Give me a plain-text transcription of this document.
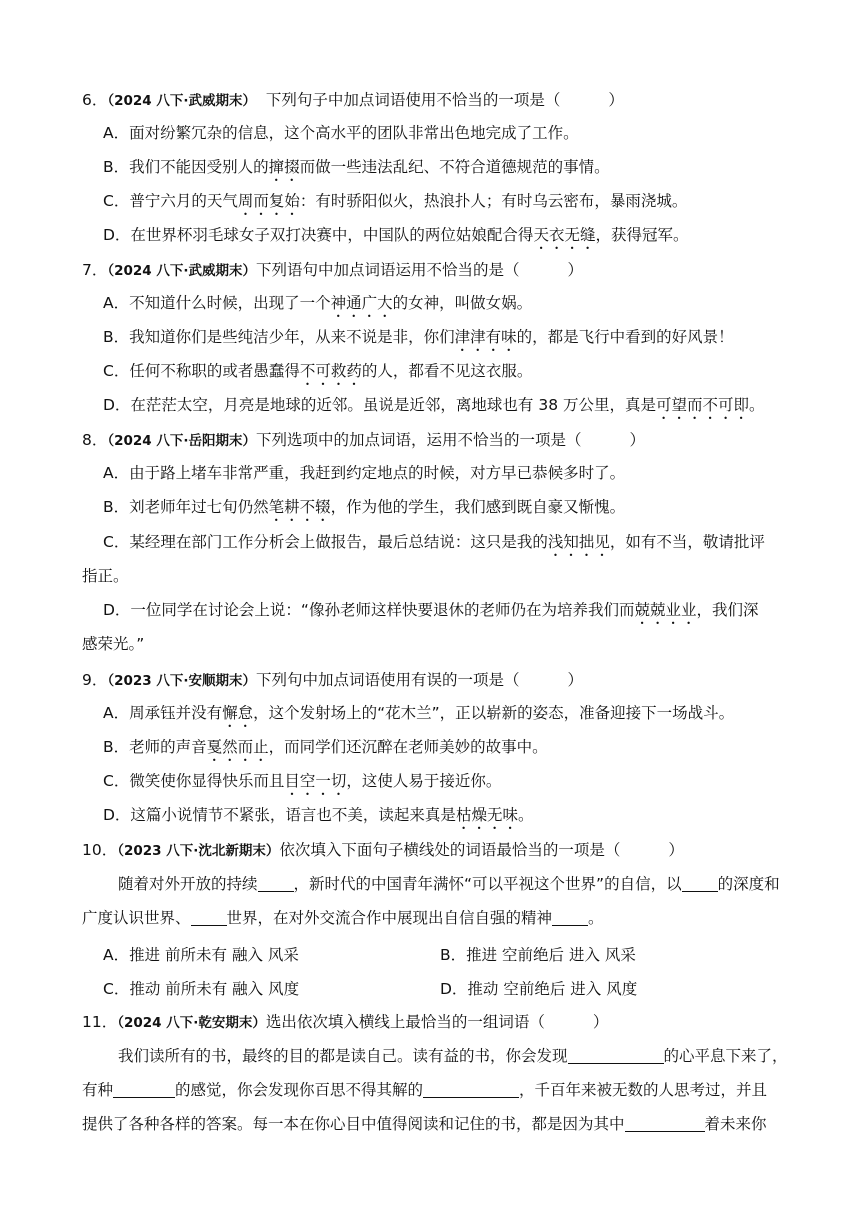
6．（2024 八下·武威期末） 下列句子中加点词语使用不恰当的一项是（	）
A．面对纷繁冗杂的信息，这个高水平的团队非常出色地完成了工作。
B．我们不能因受别人的撺掇而做一些违法乱纪、不符合道德规范的事情。
C．普宁六月的天气周而复始：有时骄阳似火，热浪扑人；有时乌云密布，暴雨浇城。
D．在世界杯羽毛球女子双打决赛中，中国队的两位姑娘配合得天衣无缝，获得冠军。
7．（2024 八下·武威期末）下列语句中加点词语运用不恰当的是（	）
A．不知道什么时候，出现了一个神通广大的女神，叫做女娲。
B．我知道你们是些纯洁少年，从来不说是非，你们津津有味的，都是飞行中看到的好风景！
C．任何不称职的或者愚蠢得不可救药的人，都看不见这衣服。
D．在茫茫太空，月亮是地球的近邻。虽说是近邻，离地球也有 38 万公里，真是可望而不可即。
8．（2024 八下·岳阳期末）下列选项中的加点词语，运用不恰当的一项是（	）
A．由于路上堵车非常严重，我赶到约定地点的时候，对方早已恭候多时了。
B．刘老师年过七旬仍然笔耕不辍，作为他的学生，我们感到既自豪又惭愧。
C．某经理在部门工作分析会上做报告，最后总结说：这只是我的浅知拙见，如有不当，敬请批评
指正。
D．一位同学在讨论会上说：“像孙老师这样快要退休的老师仍在为培养我们而兢兢业业，我们深
感荣光。”
9．（2023 八下·安顺期末）下列句中加点词语使用有误的一项是（	）
A．周承钰并没有懈怠，这个发射场上的“花木兰”，正以崭新的姿态，准备迎接下一场战斗。
B．老师的声音戛然而止，而同学们还沉醉在老师美妙的故事中。
C．微笑使你显得快乐而且目空一切，这使人易于接近你。
D．这篇小说情节不紧张，语言也不美，读起来真是枯燥无味。
10．（2023 八下·沈北新期末）依次填入下面句子横线处的词语最恰当的一项是（	）
随着对外开放的持续 ，新时代的中国青年满怀“可以平视这个世界”的自信，以 的深度和
广度认识世界、 世界，在对外交流合作中展现出自信自强的精神 。
A．推进 前所未有 融入 风采	B．推进 空前绝后 进入 风采
C．推动 前所未有 融入 风度	D．推动 空前绝后 进入 风度
11．（2024 八下·乾安期末）选出依次填入横线上最恰当的一组词语（	）
我们读所有的书，最终的目的都是读自己。读有益的书，你会发现	的心平息下来了，
有种	的感觉，你会发现你百思不得其解的	，千百年来被无数的人思考过，并且
提供了各种各样的答案。每一本在你心目中值得阅读和记住的书，都是因为其中	着未来你
